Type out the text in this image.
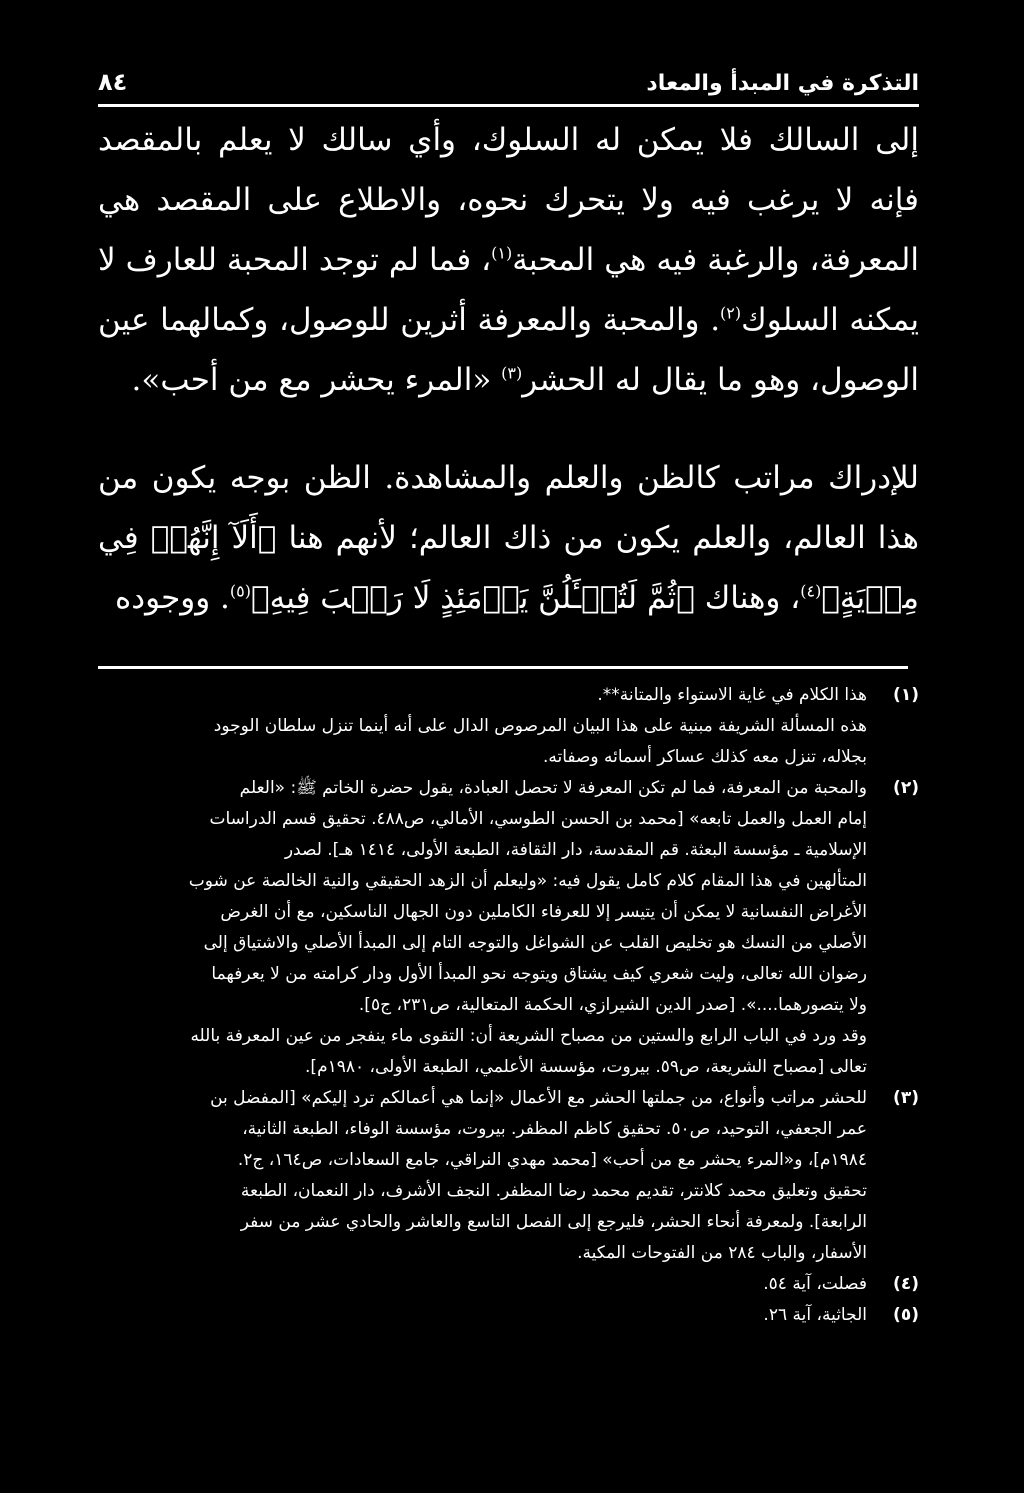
التذكرة في المبدأ والمعاد
٨٤

إلى السالك فلا يمكن له السلوك، وأي سالك لا يعلم بالمقصد فإنه لا يرغب فيه ولا يتحرك نحوه، والاطلاع على المقصد هي المعرفة، والرغبة فيه هي المحبة$^{(١)}$، فما لم توجد المحبة للعارف لا يمكنه السلوك$^{(٢)}$. والمحبة والمعرفة أثرين للوصول، وكمالهما عين الوصول، وهو ما يقال له الحشر$^{(٣)}$ «المرء يحشر مع من أحب».

للإدراك مراتب كالظن والعلم والمشاهدة. الظن بوجه يكون من هذا العالم، والعلم يكون من ذاك العالم؛ لأنهم هنا ﴿أَلَآ إِنَّهُمۡ فِي مِرۡيَةٍ﴾$^{(٤)}$، وهناك ﴿ثُمَّ لَتُسۡـَٔلُنَّ يَوۡمَئِذٍ لَا رَيۡبَ فِيهِ﴾$^{(٥)}$. ووجوده

(١)
هذا الكلام في غاية الاستواء والمتانة**.
هذه المسألة الشريفة مبنية على هذا البيان المرصوص الدال على أنه أينما تنزل سلطان الوجود
بجلاله، تنزل معه كذلك عساكر أسمائه وصفاته.
(٢)
والمحبة من المعرفة، فما لم تكن المعرفة لا تحصل العبادة، يقول حضرة الخاتم ﷺ: «العلم
إمام العمل والعمل تابعه» [محمد بن الحسن الطوسي، الأمالي، ص٤٨٨. تحقيق قسم الدراسات
الإسلامية ـ مؤسسة البعثة. قم المقدسة، دار الثقافة، الطبعة الأولى، ١٤١٤ هـ]. لصدر
المتألهين في هذا المقام كلام كامل يقول فيه: «وليعلم أن الزهد الحقيقي والنية الخالصة عن شوب
الأغراض النفسانية لا يمكن أن يتيسر إلا للعرفاء الكاملين دون الجهال الناسكين، مع أن الغرض
الأصلي من النسك هو تخليص القلب عن الشواغل والتوجه التام إلى المبدأ الأصلي والاشتياق إلى
رضوان الله تعالى، وليت شعري كيف يشتاق ويتوجه نحو المبدأ الأول ودار كرامته من لا يعرفهما
ولا يتصورهما....». [صدر الدين الشيرازي، الحكمة المتعالية، ص٢٣١، ج٥].
وقد ورد في الباب الرابع والستين من مصباح الشريعة أن: التقوى ماء ينفجر من عين المعرفة بالله
تعالى [مصباح الشريعة، ص٥٩. بيروت، مؤسسة الأعلمي، الطبعة الأولى، ١٩٨٠م].
(٣)
للحشر مراتب وأنواع، من جملتها الحشر مع الأعمال «إنما هي أعمالكم ترد إليكم» [المفضل بن
عمر الجعفي، التوحيد، ص٥٠. تحقيق كاظم المظفر. بيروت، مؤسسة الوفاء، الطبعة الثانية،
١٩٨٤م]، و«المرء يحشر مع من أحب» [محمد مهدي النراقي، جامع السعادات، ص١٦٤، ج٢.
تحقيق وتعليق محمد كلانتر، تقديم محمد رضا المظفر. النجف الأشرف، دار النعمان، الطبعة
الرابعة]. ولمعرفة أنحاء الحشر، فليرجع إلى الفصل التاسع والعاشر والحادي عشر من سفر
الأسفار، والباب ٢٨٤ من الفتوحات المكية.
(٤)
فصلت، آية ٥٤.
(٥)
الجاثية، آية ٢٦.
